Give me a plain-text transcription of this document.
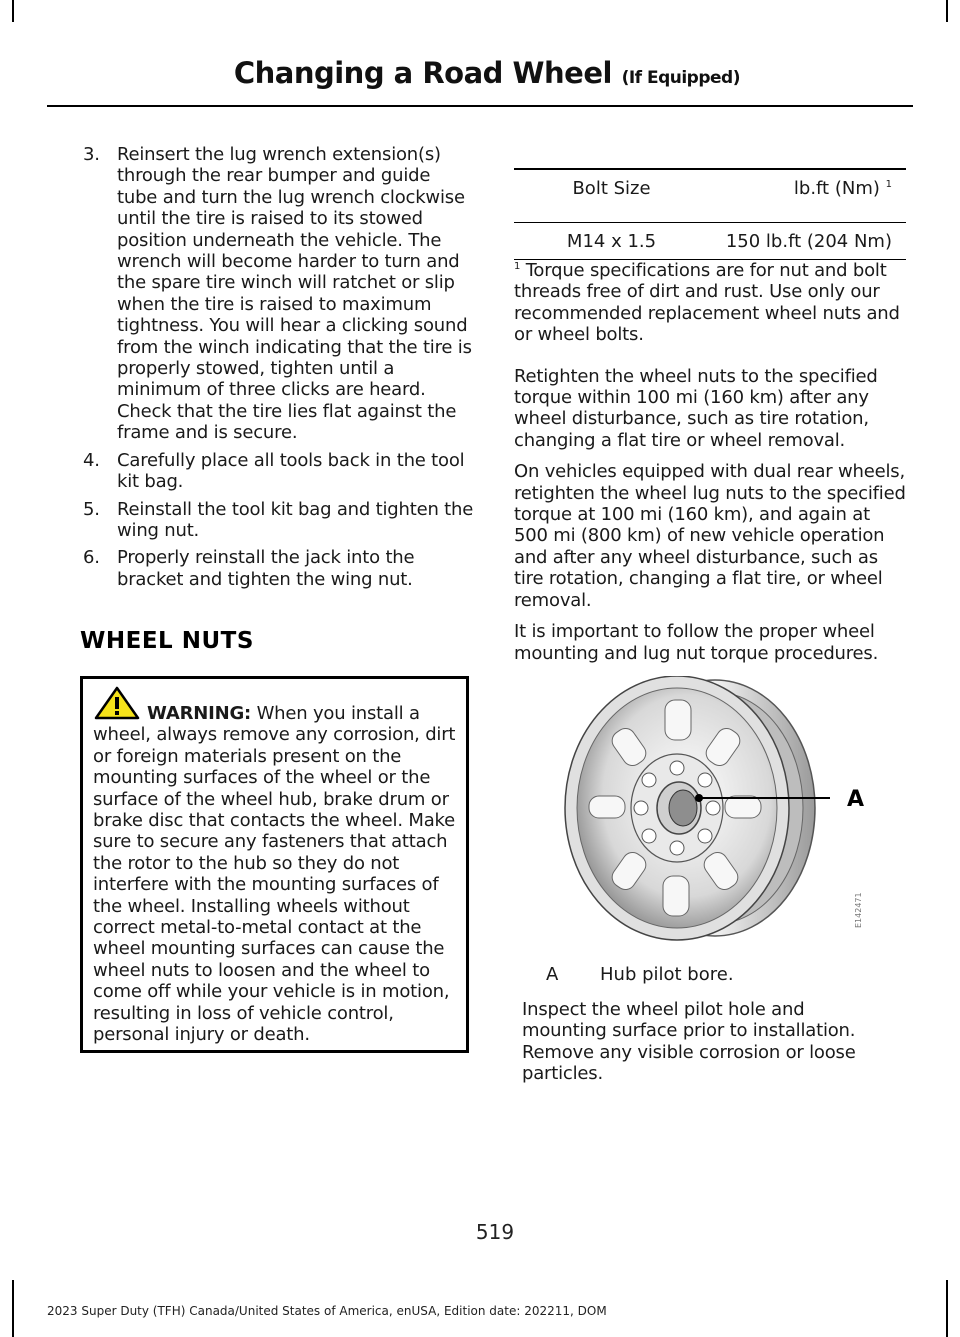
Changing a Road Wheel (If Equipped)
3. Reinsert the lug wrench extension(s) through the rear bumper and guide tube and turn the lug wrench clockwise until the tire is raised to its stowed position underneath the vehicle. The wrench will become harder to turn and the spare tire winch will ratchet or slip when the tire is raised to maximum tightness. You will hear a clicking sound from the winch indicating that the tire is properly stowed, tighten until a minimum of three clicks are heard. Check that the tire lies flat against the frame and is secure.
4. Carefully place all tools back in the tool kit bag.
5. Reinstall the tool kit bag and tighten the wing nut.
6. Properly reinstall the jack into the bracket and tighten the wing nut.
WHEEL NUTS
WARNING: When you install a wheel, always remove any corrosion, dirt or foreign materials present on the mounting surfaces of the wheel or the surface of the wheel hub, brake drum or brake disc that contacts the wheel. Make sure to secure any fasteners that attach the rotor to the hub so they do not interfere with the mounting surfaces of the wheel. Installing wheels without correct metal-to-metal contact at the wheel mounting surfaces can cause the wheel nuts to loosen and the wheel to come off while your vehicle is in motion, resulting in loss of vehicle control, personal injury or death.
Bolt Size	lb.ft (Nm) $^1$
M14 x 1.5	150 lb.ft (204 Nm)

$^1$ Torque specifications are for nut and bolt threads free of dirt and rust. Use only our recommended replacement wheel nuts and or wheel bolts.

Retighten the wheel nuts to the specified torque within 100 mi (160 km) after any wheel disturbance, such as tire rotation, changing a flat tire or wheel removal.

On vehicles equipped with dual rear wheels, retighten the wheel lug nuts to the specified torque at 100 mi (160 km), and again at 500 mi (800 km) of new vehicle operation and after any wheel disturbance, such as tire rotation, changing a flat tire, or wheel removal.

It is important to follow the proper wheel mounting and lug nut torque procedures.

A
E142471
A Hub pilot bore.
Inspect the wheel pilot hole and mounting surface prior to installation. Remove any visible corrosion or loose particles.
519
2023 Super Duty (TFH) Canada/United States of America, enUSA, Edition date: 202211, DOM
